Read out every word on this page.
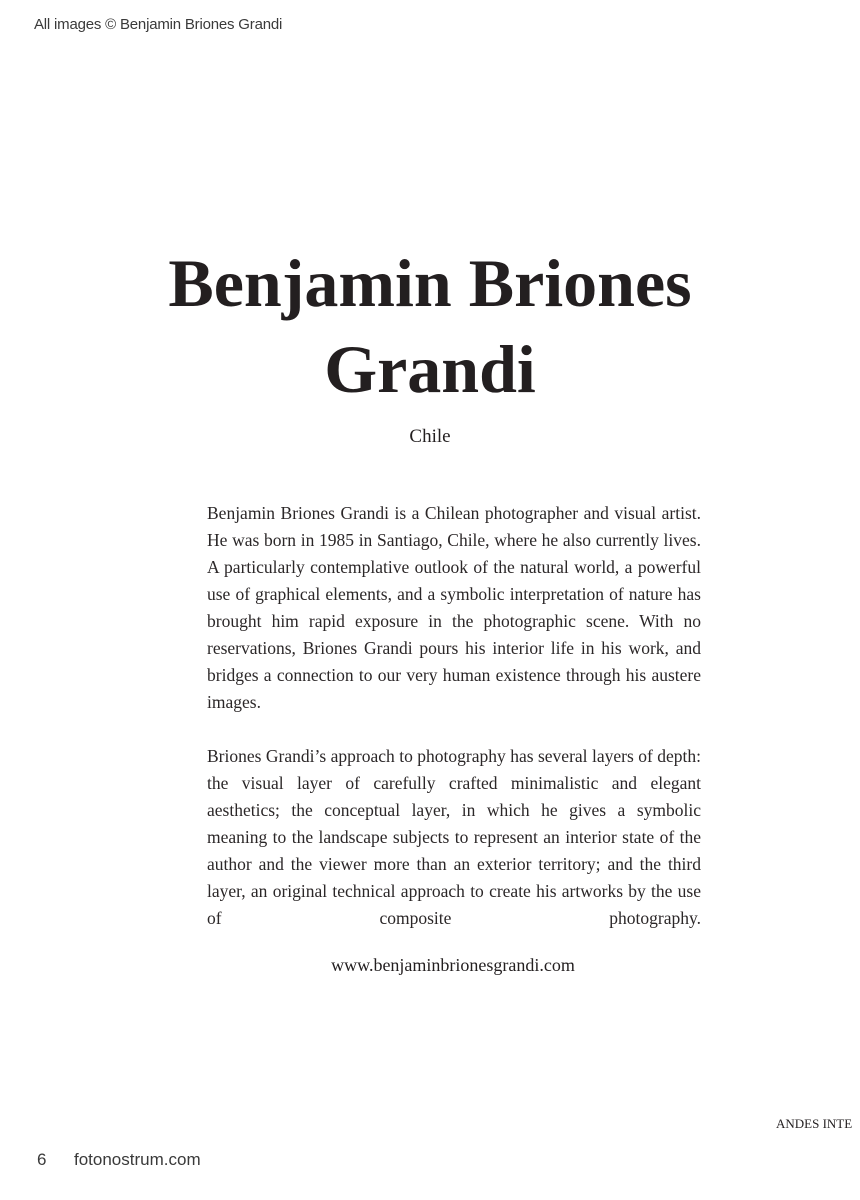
All images © Benjamin Briones Grandi
Benjamin Briones
Grandi
Chile

Benjamin Briones Grandi is a Chilean photographer and visual artist. He was born in 1985 in Santiago, Chile, where he also currently lives. A particularly contemplative outlook of the natural world, a powerful use of graphical elements, and a symbolic interpretation of nature has brought him rapid exposure in the photographic scene. With no reservations, Briones Grandi pours his interior life in his work, and bridges a connection to our very human existence through his austere images.

Briones Grandi’s approach to photography has several layers of depth: the visual layer of carefully crafted minimalistic and elegant aesthetics; the conceptual layer, in which he gives a symbolic meaning to the landscape subjects to represent an interior state of the author and the viewer more than an exterior territory; and the third layer, an original technical approach to create his artworks by the use of composite photography.

www.benjaminbrionesgrandi.com
ANDES INTE
6 fotonostrum.com
